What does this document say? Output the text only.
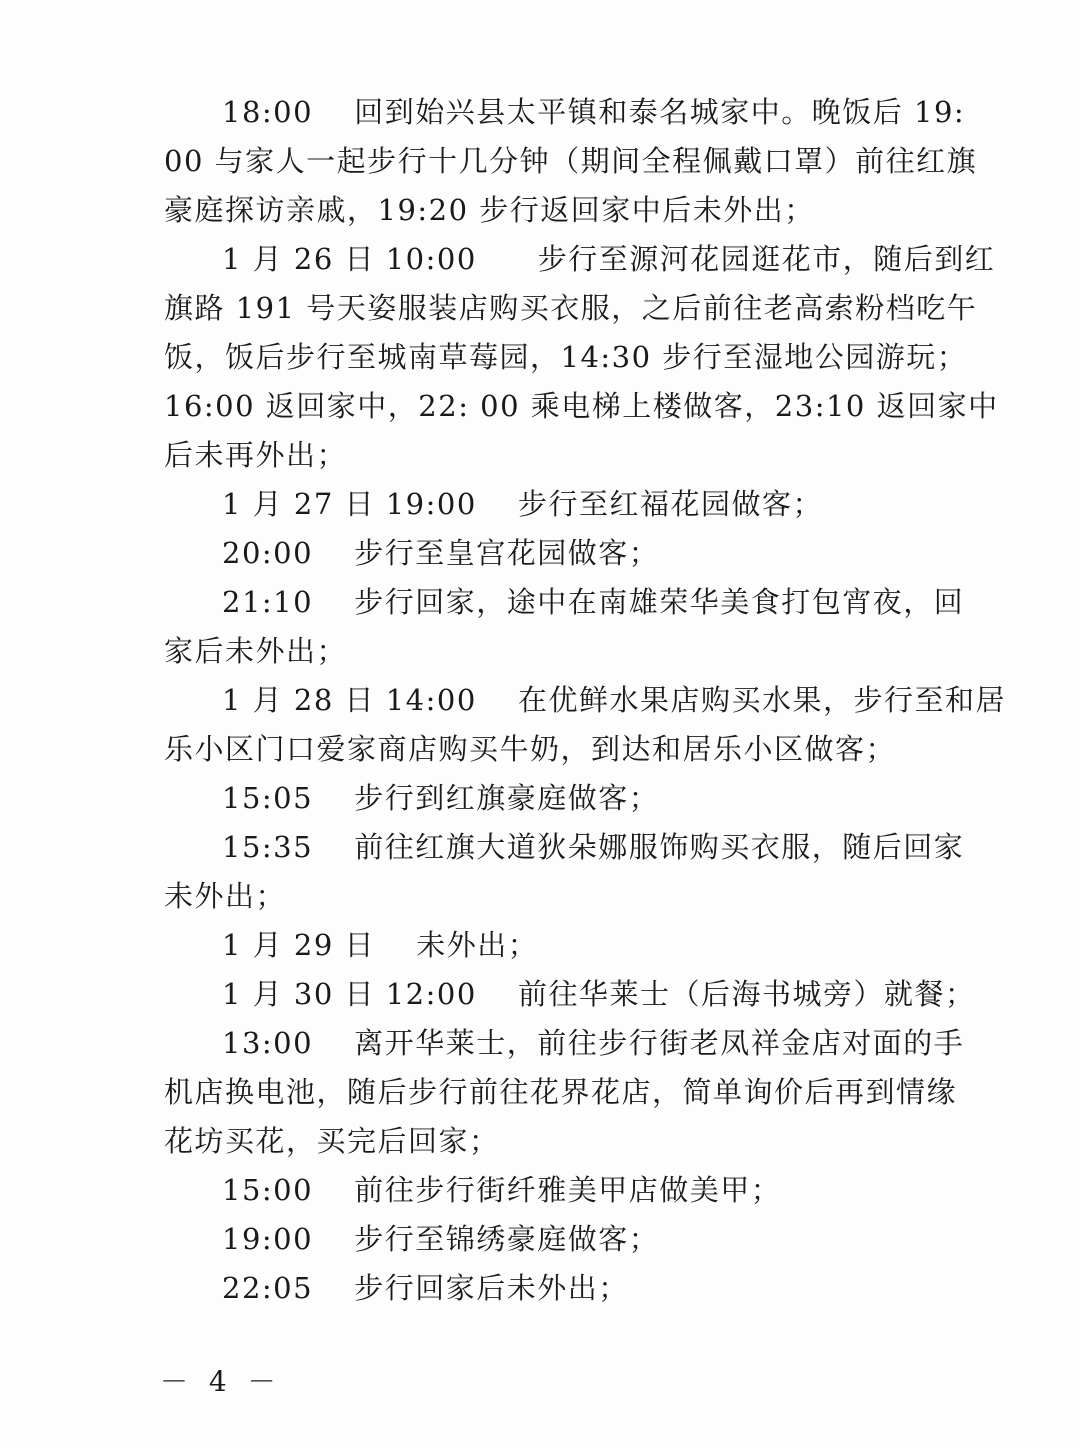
18:00　 回到始兴县太平镇和泰名城家中。晚饭后 19:
00 与家人一起步行十几分钟（期间全程佩戴口罩）前往红旗
豪庭探访亲戚，19:20 步行返回家中后未外出；
1 月 26 日 10:00　　步行至源河花园逛花市，随后到红
旗路 191 号天姿服装店购买衣服，之后前往老高索粉档吃午
饭，饭后步行至城南草莓园，14:30 步行至湿地公园游玩；
16:00 返回家中，22: 00 乘电梯上楼做客，23:10 返回家中
后未再外出；
1 月 27 日 19:00　 步行至红福花园做客；
20:00　 步行至皇宫花园做客；
21:10　 步行回家，途中在南雄荣华美食打包宵夜，回
家后未外出；
1 月 28 日 14:00　 在优鲜水果店购买水果，步行至和居
乐小区门口爱家商店购买牛奶，到达和居乐小区做客；
15:05　 步行到红旗豪庭做客；
15:35　 前往红旗大道狄朵娜服饰购买衣服，随后回家
未外出；
1 月 29 日　 未外出；
1 月 30 日 12:00　 前往华莱士（后海书城旁）就餐；
13:00　 离开华莱士，前往步行街老凤祥金店对面的手
机店换电池，随后步行前往花界花店，简单询价后再到情缘
花坊买花，买完后回家；
15:00　 前往步行街纤雅美甲店做美甲；
19:00　 步行至锦绣豪庭做客；
22:05　 步行回家后未外出；
－ 4 －
